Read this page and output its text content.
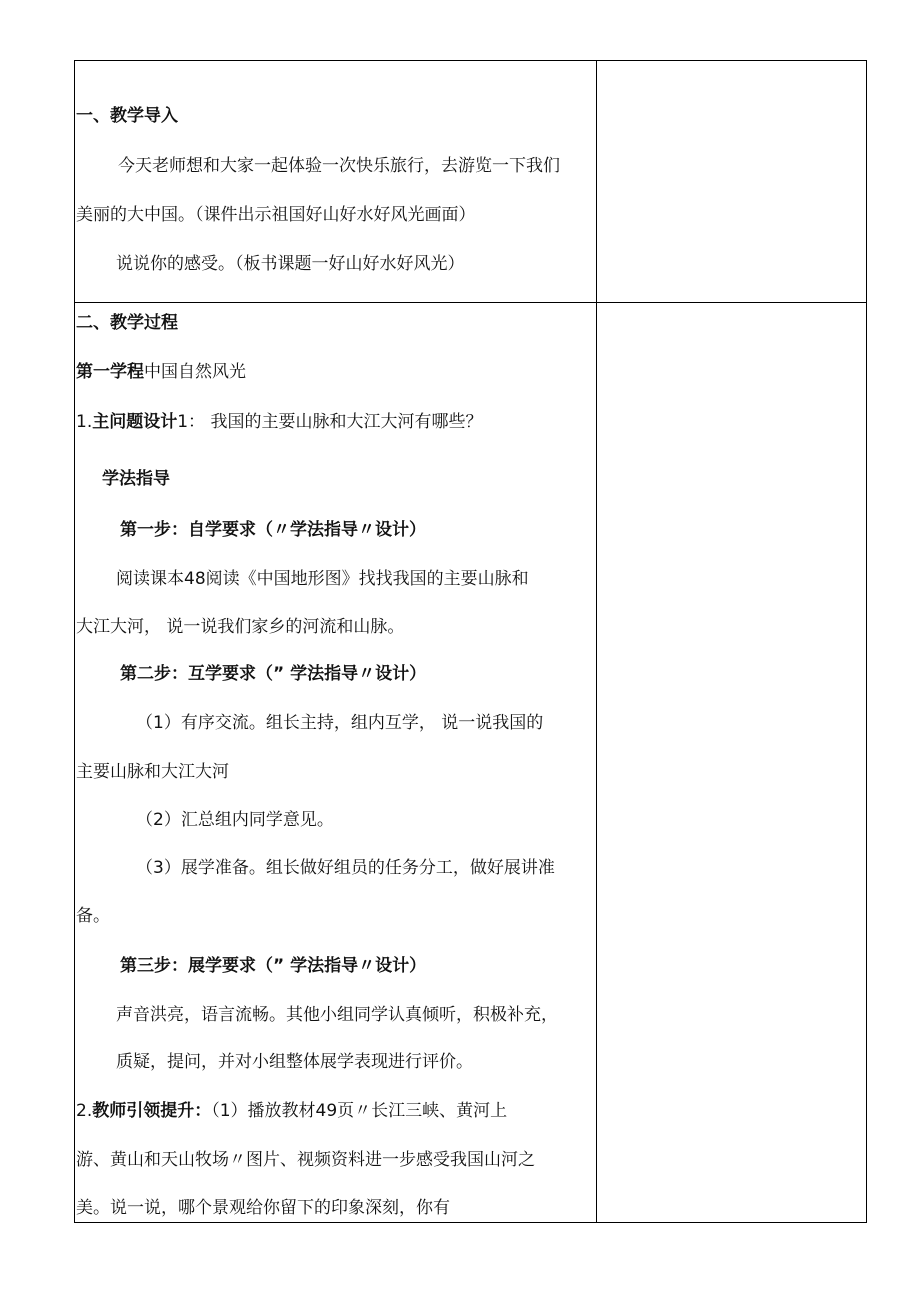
一、教学导入
今天老师想和大家一起体验一次快乐旅行，去游览一下我们
美丽的大中国。（课件出示祖国好山好水好风光画面）
说说你的感受。（板书课题一好山好水好风光）
二、教学过程
第一学程中国自然风光
1.主问题设计1： 我国的主要山脉和大江大河有哪些？
学法指导
第一步：自学要求（〃学法指导〃设计）
阅读课本48阅读《中国地形图》找找我国的主要山脉和
大江大河， 说一说我们家乡的河流和山脉。
第二步：互学要求（” 学法指导〃设计）
（1）有序交流。组长主持，组内互学， 说一说我国的
主要山脉和大江大河
（2）汇总组内同学意见。
（3）展学准备。组长做好组员的任务分工，做好展讲准
备。
第三步：展学要求（” 学法指导〃设计）
声音洪亮，语言流畅。其他小组同学认真倾听，积极补充，
质疑，提问，并对小组整体展学表现进行评价。
2.教师引领提升：（1）播放教材49页〃长江三峡、黄河上
游、黄山和天山牧场〃图片、视频资料进一步感受我国山河之
美。说一说，哪个景观给你留下的印象深刻，你有
